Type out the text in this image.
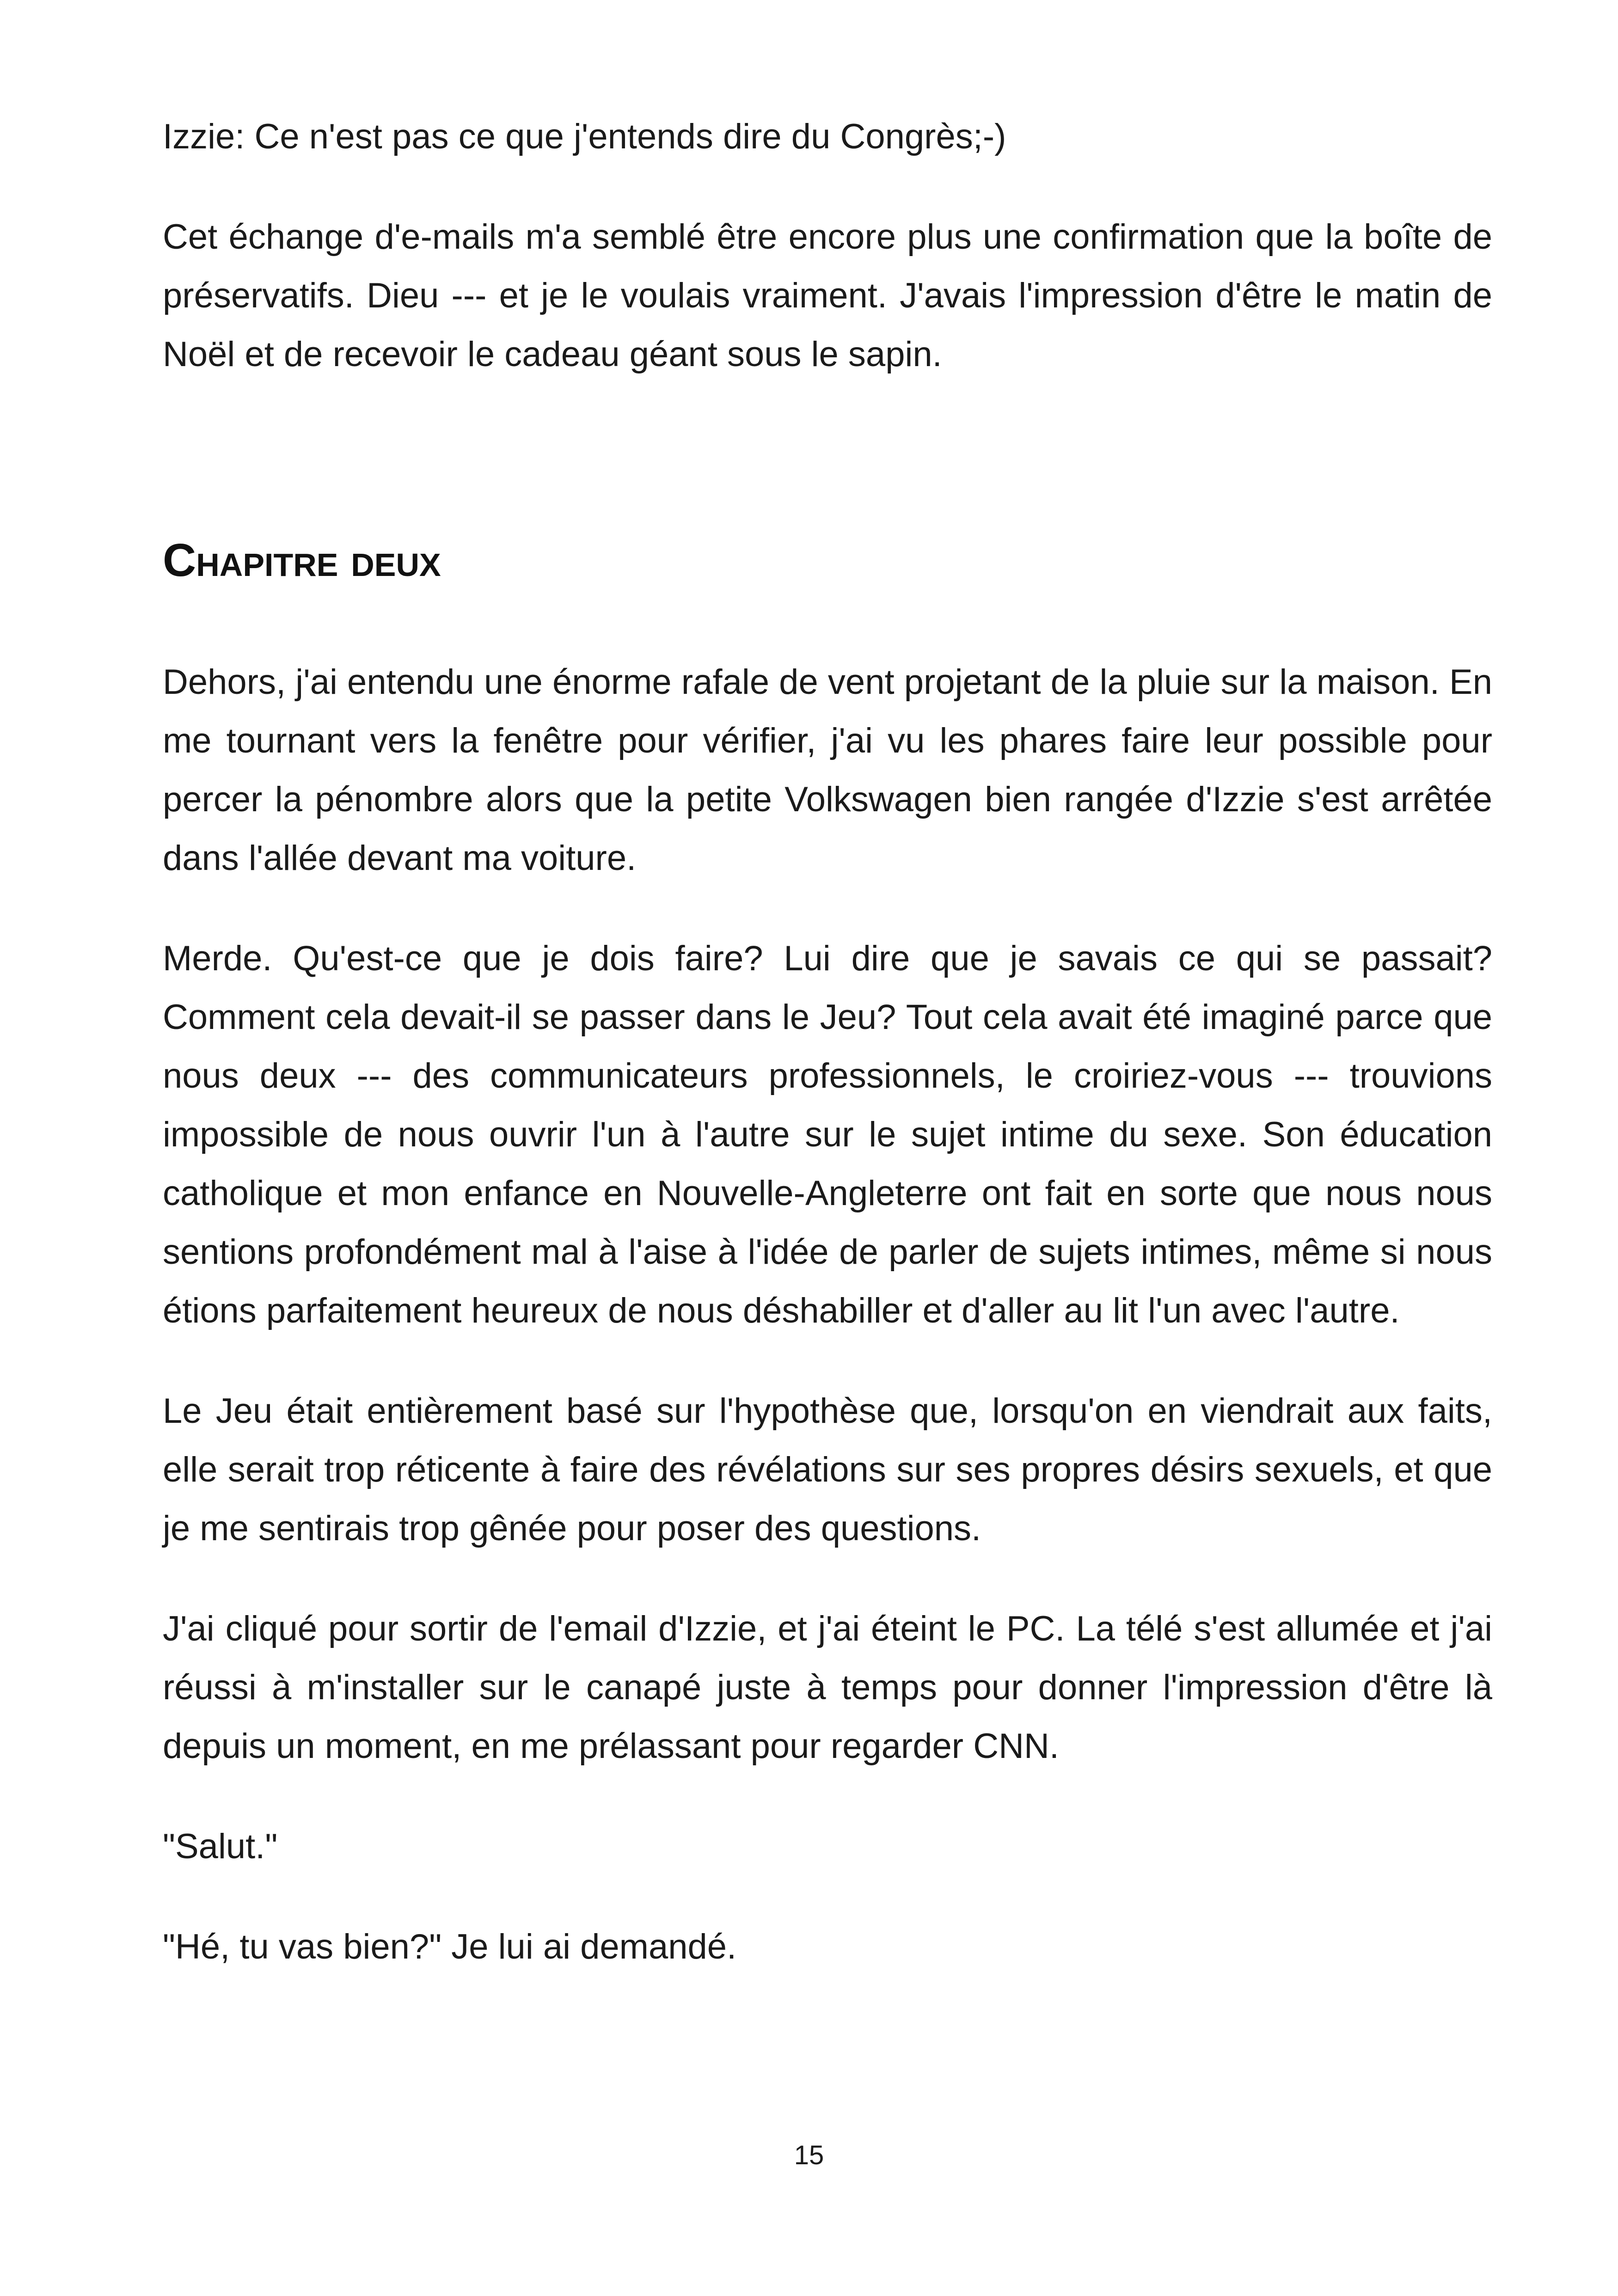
Izzie: Ce n'est pas ce que j'entends dire du Congrès;-)

Cet échange d'e-mails m'a semblé être encore plus une confirmation que la boîte de préservatifs. Dieu --- et je le voulais vraiment. J'avais l'impression d'être le matin de Noël et de recevoir le cadeau géant sous le sapin.

Chapitre deux

Dehors, j'ai entendu une énorme rafale de vent projetant de la pluie sur la maison. En me tournant vers la fenêtre pour vérifier, j'ai vu les phares faire leur possible pour percer la pénombre alors que la petite Volkswagen bien rangée d'Izzie s'est arrêtée dans l'allée devant ma voiture.

Merde. Qu'est-ce que je dois faire? Lui dire que je savais ce qui se passait? Comment cela devait-il se passer dans le Jeu? Tout cela avait été imaginé parce que nous deux --- des communicateurs professionnels, le croiriez-vous --- trouvions impossible de nous ouvrir l'un à l'autre sur le sujet intime du sexe. Son éducation catholique et mon enfance en Nouvelle-Angleterre ont fait en sorte que nous nous sentions profondément mal à l'aise à l'idée de parler de sujets intimes, même si nous étions parfaitement heureux de nous déshabiller et d'aller au lit l'un avec l'autre.

Le Jeu était entièrement basé sur l'hypothèse que, lorsqu'on en viendrait aux faits, elle serait trop réticente à faire des révélations sur ses propres désirs sexuels, et que je me sentirais trop gênée pour poser des questions.

J'ai cliqué pour sortir de l'email d'Izzie, et j'ai éteint le PC. La télé s'est allumée et j'ai réussi à m'installer sur le canapé juste à temps pour donner l'impression d'être là depuis un moment, en me prélassant pour regarder CNN.

"Salut."

"Hé, tu vas bien?" Je lui ai demandé.

15
